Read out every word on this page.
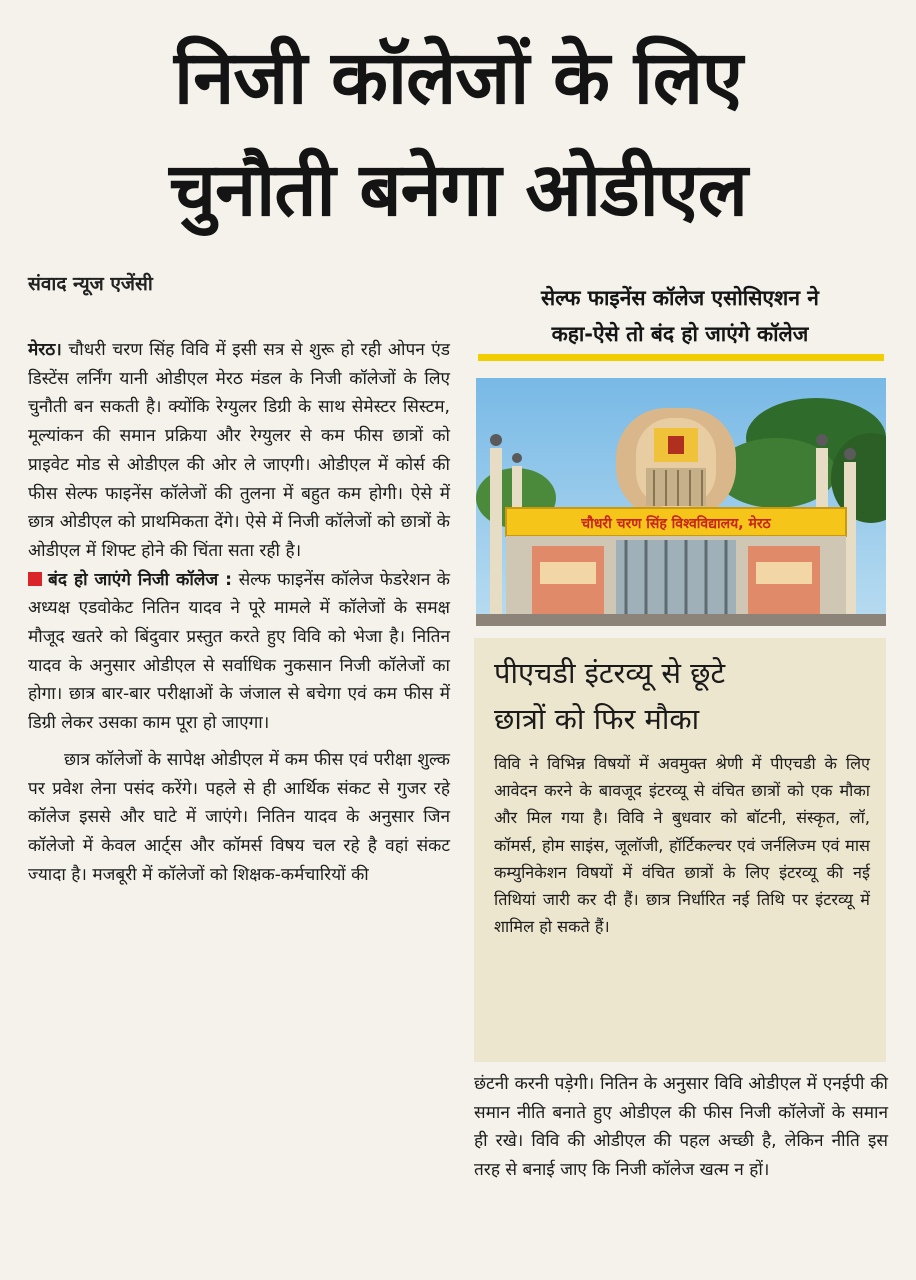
निजी कॉलेजों के लिए
चुनौती बनेगा ओडीएल
संवाद न्यूज एजेंसी

मेरठ। चौधरी चरण सिंह विवि में इसी सत्र से शुरू हो रही ओपन एंड डिस्टेंस लर्निंग यानी ओडीएल मेरठ मंडल के निजी कॉलेजों के लिए चुनौती बन सकती है। क्योंकि रेग्युलर डिग्री के साथ सेमेस्टर सिस्टम, मूल्यांकन की समान प्रक्रिया और रेग्युलर से कम फीस छात्रों को प्राइवेट मोड से ओडीएल की ओर ले जाएगी। ओडीएल में कोर्स की फीस सेल्फ फाइनेंस कॉलेजों की तुलना में बहुत कम होगी। ऐसे में छात्र ओडीएल को प्राथमिकता देंगे। ऐसे में निजी कॉलेजों को छात्रों के ओडीएल में शिफ्ट होने की चिंता सता रही है।

बंद हो जाएंगे निजी कॉलेज : सेल्फ फाइनेंस कॉलेज फेडरेशन के अध्यक्ष एडवोकेट नितिन यादव ने पूरे मामले में कॉलेजों के समक्ष मौजूद खतरे को बिंदुवार प्रस्तुत करते हुए विवि को भेजा है। नितिन यादव के अनुसार ओडीएल से सर्वाधिक नुकसान निजी कॉलेजों का होगा। छात्र बार-बार परीक्षाओं के जंजाल से बचेगा एवं कम फीस में डिग्री लेकर उसका काम पूरा हो जाएगा।

छात्र कॉलेजों के सापेक्ष ओडीएल में कम फीस एवं परीक्षा शुल्क पर प्रवेश लेना पसंद करेंगे। पहले से ही आर्थिक संकट से गुजर रहे कॉलेज इससे और घाटे में जाएंगे। नितिन यादव के अनुसार जिन कॉलेजो में केवल आर्ट्स और कॉमर्स विषय चल रहे है वहां संकट ज्यादा है। मजबूरी में कॉलेजों को शिक्षक-कर्मचारियों की

सेल्फ फाइनेंस कॉलेज एसोसिएशन ने
कहा-ऐसे तो बंद हो जाएंगे कॉलेज
चौधरी चरण सिंह विश्वविद्यालय, मेरठ
पीएचडी इंटरव्यू से छूटे
छात्रों को फिर मौका
विवि ने विभिन्न विषयों में अवमुक्त श्रेणी में पीएचडी के लिए आवेदन करने के बावजूद इंटरव्यू से वंचित छात्रों को एक मौका और मिल गया है। विवि ने बुधवार को बॉटनी, संस्कृत, लॉ, कॉमर्स, होम साइंस, जूलॉजी, हॉर्टिकल्चर एवं जर्नलिज्म एवं मास कम्युनिकेशन विषयों में वंचित छात्रों के लिए इंटरव्यू की नई तिथियां जारी कर दी हैं। छात्र निर्धारित नई तिथि पर इंटरव्यू में शामिल हो सकते हैं।
छंटनी करनी पड़ेगी। नितिन के अनुसार विवि ओडीएल में एनईपी की समान नीति बनाते हुए ओडीएल की फीस निजी कॉलेजों के समान ही रखे। विवि की ओडीएल की पहल अच्छी है, लेकिन नीति इस तरह से बनाई जाए कि निजी कॉलेज खत्म न हों।
